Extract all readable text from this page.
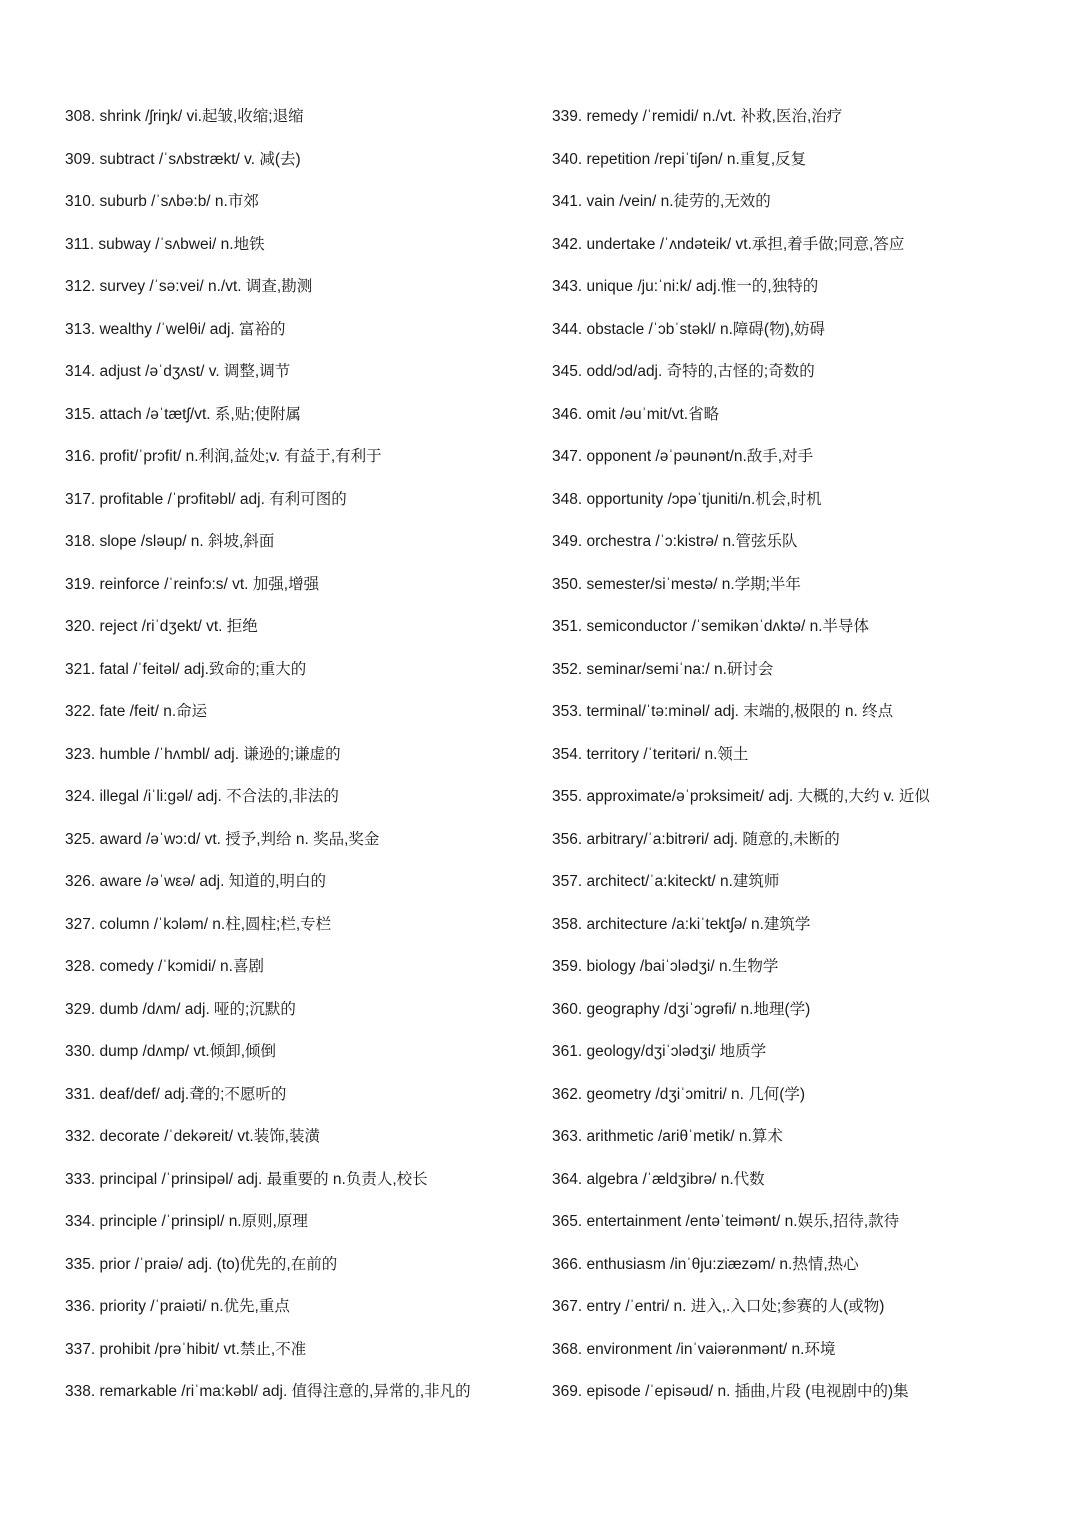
308. shrink /ʃriŋk/ vi.起皱,收缩;退缩
309. subtract /ˈsʌbstrækt/ v. 减(去)
310. suburb /ˈsʌbə:b/ n.市郊
311. subway /ˈsʌbwei/ n.地铁
312. survey /ˈsə:vei/ n./vt. 调查,勘测
313. wealthy /ˈwelθi/ adj. 富裕的
314. adjust /əˈdʒʌst/ v. 调整,调节
315. attach /əˈtætʃ/vt. 系,贴;使附属
316. profit/ˈprɔfit/ n.利润,益处;v. 有益于,有利于
317. profitable /ˈprɔfitəbl/ adj. 有利可图的
318. slope /sləup/ n. 斜坡,斜面
319. reinforce /ˈreinfɔ:s/ vt. 加强,增强
320. reject /riˈdʒekt/ vt. 拒绝
321. fatal /ˈfeitəl/ adj.致命的;重大的
322. fate /feit/ n.命运
323. humble /ˈhʌmbl/ adj. 谦逊的;谦虚的
324. illegal /iˈli:gəl/ adj. 不合法的,非法的
325. award /əˈwɔ:d/ vt. 授予,判给 n. 奖品,奖金
326. aware /əˈwεə/ adj. 知道的,明白的
327. column /ˈkɔləm/ n.柱,圆柱;栏,专栏
328. comedy /ˈkɔmidi/ n.喜剧
329. dumb /dʌm/ adj. 哑的;沉默的
330. dump /dʌmp/ vt.倾卸,倾倒
331. deaf/def/ adj.聋的;不愿听的
332. decorate /ˈdekəreit/ vt.装饰,装潢
333. principal /ˈprinsipəl/ adj. 最重要的 n.负责人,校长
334. principle /ˈprinsipl/ n.原则,原理
335. prior /ˈpraiə/ adj. (to)优先的,在前的
336. priority /ˈpraiəti/ n.优先,重点
337. prohibit /prəˈhibit/ vt.禁止,不准
338. remarkable /riˈma:kəbl/ adj. 值得注意的,异常的,非凡的
339. remedy /ˈremidi/ n./vt. 补救,医治,治疗
340. repetition /repiˈtiʃən/ n.重复,反复
341. vain /vein/ n.徒劳的,无效的
342. undertake /ˈʌndəteik/ vt.承担,着手做;同意,答应
343. unique /ju:ˈni:k/ adj.惟一的,独特的
344. obstacle /ˈɔbˈstəkl/ n.障碍(物),妨碍
345. odd/ɔd/adj. 奇特的,古怪的;奇数的
346. omit /əuˈmit/vt.省略
347. opponent /əˈpəunənt/n.敌手,对手
348. opportunity /ɔpəˈtjuniti/n.机会,时机
349. orchestra /ˈɔ:kistrə/ n.管弦乐队
350. semester/siˈmestə/ n.学期;半年
351. semiconductor /ˈsemikənˈdʌktə/ n.半导体
352. seminar/semiˈna:/ n.研讨会
353. terminal/ˈtə:minəl/ adj. 末端的,极限的 n. 终点
354. territory /ˈteritəri/ n.领土
355. approximate/əˈprɔksimeit/ adj. 大概的,大约 v. 近似
356. arbitrary/ˈa:bitrəri/ adj. 随意的,未断的
357. architect/ˈa:kiteckt/ n.建筑师
358. architecture /a:kiˈtektʃə/ n.建筑学
359. biology /baiˈɔlədʒi/ n.生物学
360. geography /dʒiˈɔgrəfi/ n.地理(学)
361. geology/dʒiˈɔlədʒi/ 地质学
362. geometry /dʒiˈɔmitri/ n. 几何(学)
363. arithmetic /ariθˈmetik/ n.算术
364. algebra /ˈældʒibrə/ n.代数
365. entertainment /entəˈteimənt/ n.娱乐,招待,款待
366. enthusiasm /inˈθju:ziæzəm/ n.热情,热心
367. entry /ˈentri/ n. 进入,.入口处;参赛的人(或物)
368. environment /inˈvaiərənmənt/ n.环境
369. episode /ˈepisəud/ n. 插曲,片段 (电视剧中的)集
